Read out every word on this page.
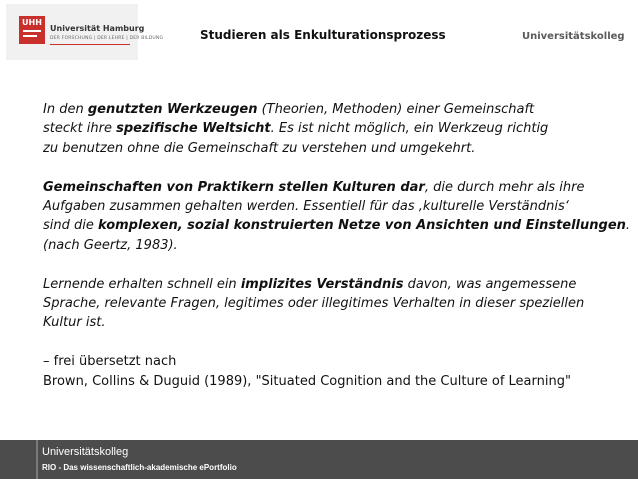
UHH
Universität Hamburg
DER FORSCHUNG | DER LEHRE | DER BILDUNG	Studieren als Enkulturationsprozess	Universitätskolleg
In den genutzten Werkzeugen (Theorien, Methoden) einer Gemeinschaft
steckt ihre spezifische Weltsicht. Es ist nicht möglich, ein Werkzeug richtig
zu benutzen ohne die Gemeinschaft zu verstehen und umgekehrt.
Gemeinschaften von Praktikern stellen Kulturen dar, die durch mehr als ihre
Aufgaben zusammen gehalten werden. Essentiell für das ‚kulturelle Verständnis‘
sind die komplexen, sozial konstruierten Netze von Ansichten und Einstellungen.
(nach Geertz, 1983).
Lernende erhalten schnell ein implizites Verständnis davon, was angemessene
Sprache, relevante Fragen, legitimes oder illegitimes Verhalten in dieser speziellen
Kultur ist.
– frei übersetzt nach
Brown, Collins & Duguid (1989), "Situated Cognition and the Culture of Learning"
Universitätskolleg
RIO - Das wissenschaftlich-akademische ePortfolio
